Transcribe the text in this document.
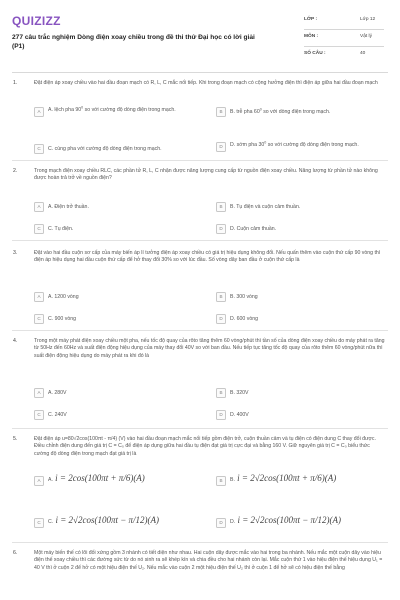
QUIZIZZ
277 câu trắc nghiệm Dòng điện xoay chiều trong đề thi thử Đại học có lời giải (P1)
LỚP :	Lớp 12
MÔN :	Vật lý
SỐ CÂU :	40
1.	Đặt điện áp xoay chiều vào hai đầu đoạn mạch có R, L, C mắc nối tiếp. Khi trong đoạn mạch có cộng hưởng điện thì điện áp giữa hai đầu đoạn mạch
A	A. lệch pha $90^0$ so với cường độ dòng điện trong mạch.	B	B. trễ pha $60^0$ so với dòng điện trong mạch.
C	C. cùng pha với cường độ dòng điện trong mạch.	D	D. sớm pha $30^0$ so với cường độ dòng điện trong mạch.
2.	Trong mạch điện xoay chiều RLC, các phần tử R, L, C nhận được năng lượng cung cấp từ nguồn điện xoay chiều. Năng lượng từ phần tử nào không được hoàn trả trở về nguồn điện?
A	A. Điện trở thuần.	B	B. Tụ điện và cuộn cảm thuần.
C	C. Tụ điện.	D	D. Cuộn cảm thuần.
3.	Đặt vào hai đầu cuộn sơ cấp của máy biến áp lí tưởng điện áp xoay chiều có giá trị hiệu dụng không đổi. Nếu quấn thêm vào cuộn thứ cấp 90 vòng thì điện áp hiệu dụng hai đầu cuộn thứ cấp để hở thay đổi 30% so với lúc đầu. Số vòng dây ban đầu ở cuộn thứ cấp là
A	A. 1200 vòng	B	B. 300 vòng
C	C. 900 vòng	D	D. 600 vòng
4.	Trong một máy phát điện xoay chiều một pha, nếu tốc độ quay của rôto tăng thêm 60 vòng/phút thì tần số của dòng điện xoay chiều do máy phát ra tăng từ 50Hz đến 60Hz và suất điện động hiệu dụng của máy thay đổi 40V so với ban đầu. Nếu tiếp tục tăng tốc độ quay của rôto thêm 60 vòng/phút nữa thì suất điện động hiệu dụng do máy phát ra khi đó là
A	A. 280V	B	B. 320V
C	C. 240V	D	D. 400V
5.	Đặt điện áp u=80√2cos(100πt - π/4) (V) vào hai đầu đoạn mạch mắc nối tiếp gồm điện trở, cuộn thuần cảm và tụ điện có điện dung C thay đổi được. Điều chỉnh điện dung đến giá trị C = C₀ để điện áp dụng giữa hai đầu tụ điện đạt giá trị cực đại và bằng 160 V. Giữ nguyên giá trị C = C₀ biểu thức cường độ dòng điện trong mạch đạt giá trị là
A	A. i = 2cos(100πt + π/6)(A)	B	B. i = 2√2cos(100πt + π/6)(A)
C	C. i = 2√2cos(100πt − π/12)(A)	D	D. i = 2√2cos(100πt − π/12)(A)
6.	Một máy biến thế có lõi đối xứng gồm 3 nhánh có tiết diện như nhau. Hai cuộn dây được mắc vào hai trong ba nhánh. Nếu mắc một cuộn dây vào hiệu điện thế xoay chiều thì các đường sức từ do nó sinh ra sẽ khép kín và chia đều cho hai nhánh còn lại. Mắc cuộn thứ 1 vào hiệu điện thế hiệu dụng U₁ = 40 V thì ở cuộn 2 để hở có một hiệu điện thế U₂. Nếu mắc vào cuộn 2 một hiệu điện thế U₂ thì ở cuộn 1 để hở sẽ có hiệu điện thế bằng
